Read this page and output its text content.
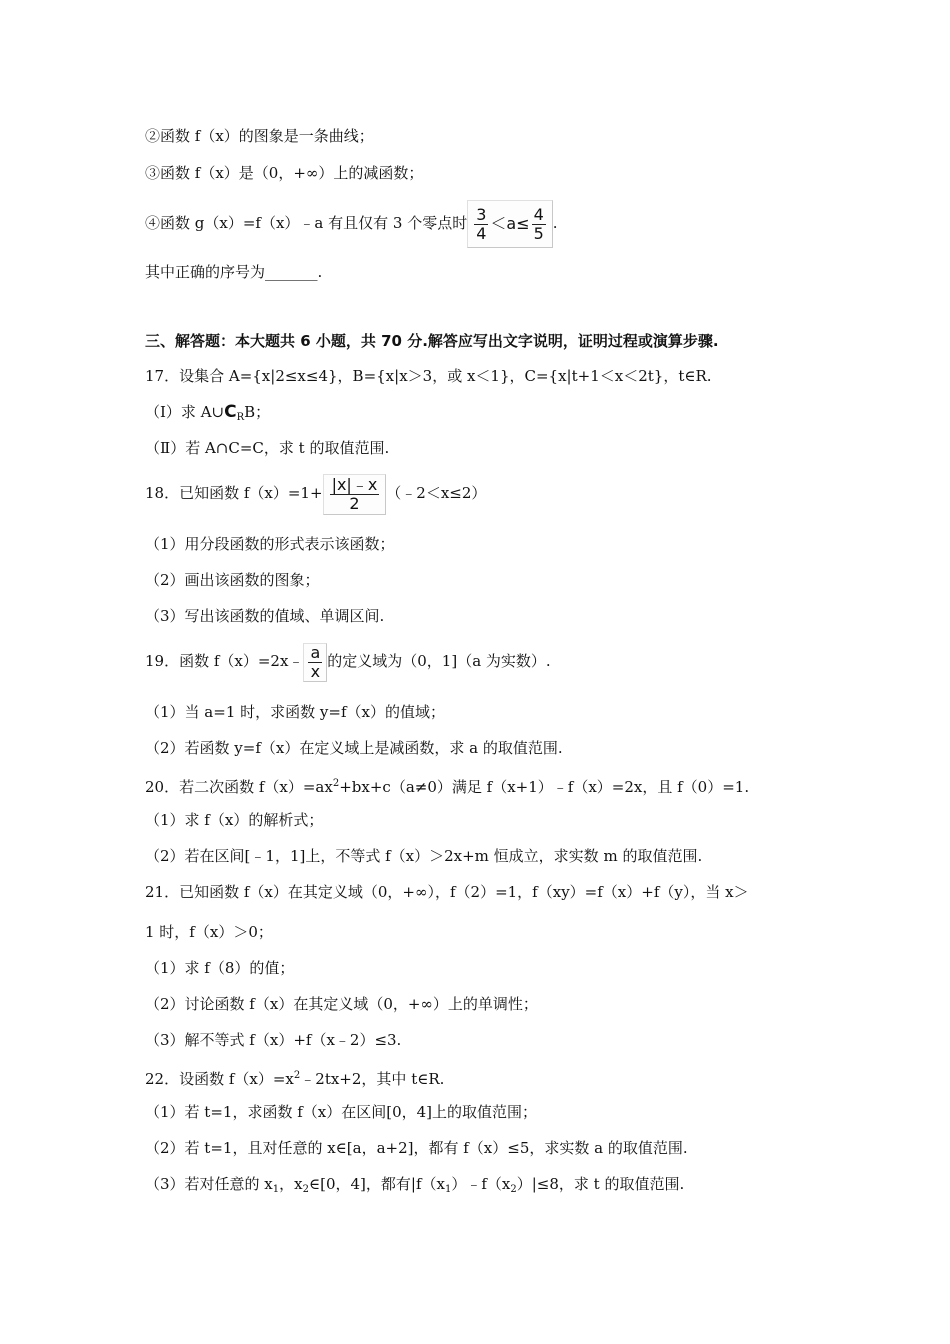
②函数 f（x）的图象是一条曲线；
③函数 f（x）是（0，+∞）上的减函数；
④函数 g（x）=f（x）﹣a 有且仅有 3 个零点时 $\frac{3}{4} <a\le \frac{4}{5}$ .
其中正确的序号为_______.
三、解答题：本大题共 6 小题，共 70 分.解答应写出文字说明，证明过程或演算步骤.
17．设集合 A={x|2≤x≤4}，B={x|x＞3，或 x＜1}，C={x|t+1＜x＜2t}，t∈R.
（Ⅰ）求 $A\cup C_RB$；
（Ⅱ）若 A∩C=C，求 t 的取值范围.
18．已知函数 $f(x)=1+ \frac{|x|﹣x}{2}$ （﹣2＜x≤2）
（1）用分段函数的形式表示该函数；
（2）画出该函数的图象；
（3）写出该函数的值域、单调区间.
19．函数 f（x）=2x﹣ $\frac{a}{x}$ 的定义域为（0，1]（a 为实数）.
（1）当 a=1 时，求函数 y=f（x）的值域；
（2）若函数 y=f（x）在定义域上是减函数，求 a 的取值范围.
20．若二次函数 $f(x)=ax^2+bx+c(a\ne 0)$满足 f（x+1）﹣f（x）=2x，且 f（0）=1.
（1）求 f（x）的解析式；
（2）若在区间[﹣1，1]上，不等式 f（x）＞2x+m 恒成立，求实数 m 的取值范围.
21．已知函数 f（x）在其定义域（0，+∞），f（2）=1，f（xy）=f（x）+f（y），当 x＞
1 时，f（x）＞0；
（1）求 f（8）的值；
（2）讨论函数 f（x）在其定义域（0，+∞）上的单调性；
（3）解不等式 f（x）+f（x﹣2）≤3.
22．设函数 $f(x)=x^2﹣2tx+2$，其中 t∈R.
（1）若 t=1，求函数 f（x）在区间[0，4]上的取值范围；
（2）若 t=1，且对任意的 x∈[a，a+2]，都有 f（x）≤5，求实数 a 的取值范围.
（3）若对任意的 $x_1$，$x_2\in[0$，4]，都有$|f(x_1)﹣f(x_2)|\le 8$，求 t 的取值范围.
